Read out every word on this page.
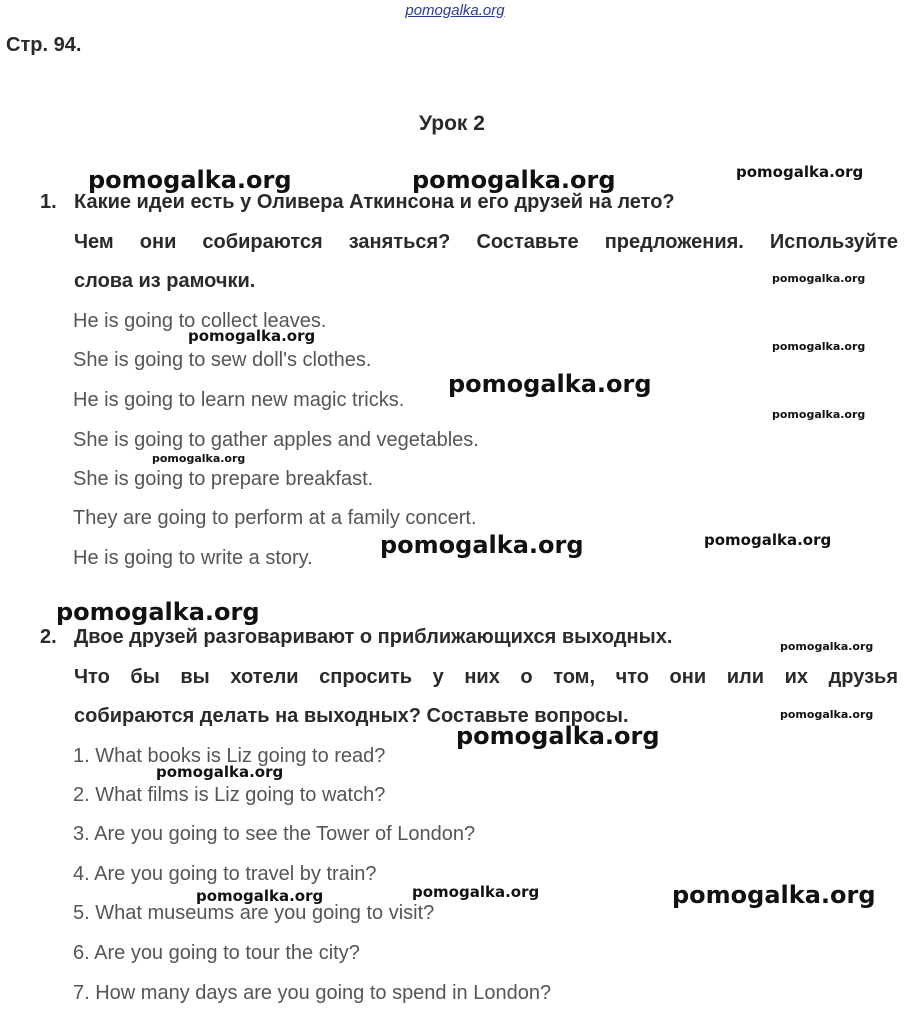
pomogalka.org
Стр. 94.
Урок 2
1. Какие идеи есть у Оливера Аткинсона и его друзей на лето?
Чем они собираются заняться? Составьте предложения. Используйте
слова из рамочки.
He is going to collect leaves.
She is going to sew doll's clothes.
He is going to learn new magic tricks.
She is going to gather apples and vegetables.
She is going to prepare breakfast.
They are going to perform at a family concert.
He is going to write a story.
2. Двое друзей разговаривают о приближающихся выходных.
Что бы вы хотели спросить у них о том, что они или их друзья
собираются делать на выходных? Составьте вопросы.
1. What books is Liz going to read?
2. What films is Liz going to watch?
3. Are you going to see the Tower of London?
4. Are you going to travel by train?
5. What museums are you going to visit?
6. Are you going to tour the city?
7. How many days are you going to spend in London?
pomogalka.org	pomogalka.org	pomogalka.org
pomogalka.org
pomogalka.org
pomogalka.org
pomogalka.org
pomogalka.org
pomogalka.org
pomogalka.org	pomogalka.org
pomogalka.org
pomogalka.org
pomogalka.org
pomogalka.org
pomogalka.org
pomogalka.org
pomogalka.org	pomogalka.org
